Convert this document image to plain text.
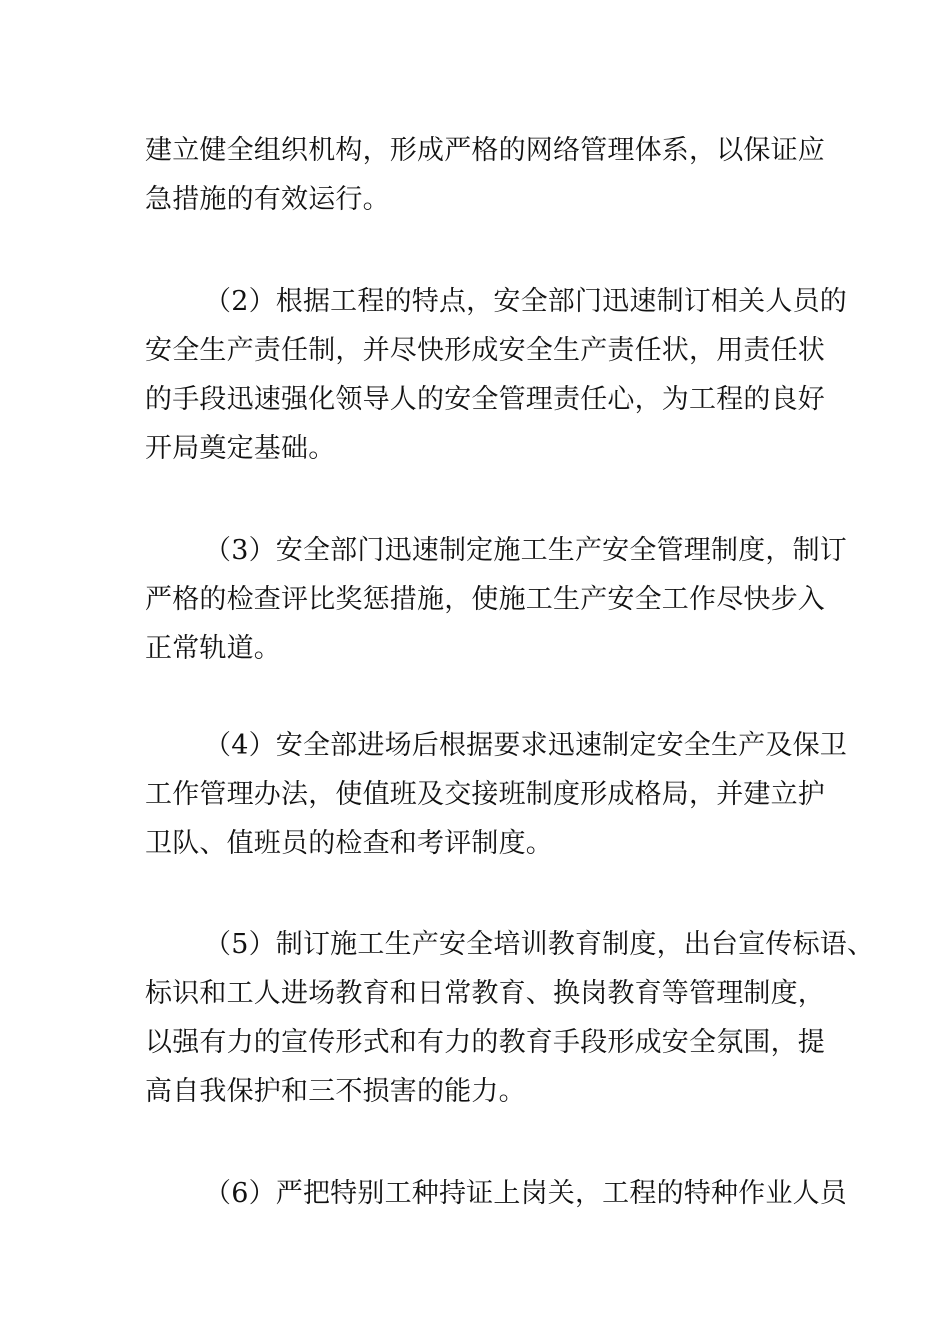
建立健全组织机构，形成严格的网络管理体系，以保证应
急措施的有效运行。

（2）根据工程的特点，安全部门迅速制订相关人员的
安全生产责任制，并尽快形成安全生产责任状，用责任状
的手段迅速强化领导人的安全管理责任心，为工程的良好
开局奠定基础。

（3）安全部门迅速制定施工生产安全管理制度，制订
严格的检查评比奖惩措施，使施工生产安全工作尽快步入
正常轨道。

（4）安全部进场后根据要求迅速制定安全生产及保卫
工作管理办法，使值班及交接班制度形成格局，并建立护
卫队、值班员的检查和考评制度。

（5）制订施工生产安全培训教育制度，出台宣传标语、
标识和工人进场教育和日常教育、换岗教育等管理制度，
以强有力的宣传形式和有力的教育手段形成安全氛围，提
高自我保护和三不损害的能力。

（6）严把特别工种持证上岗关，工程的特种作业人员
